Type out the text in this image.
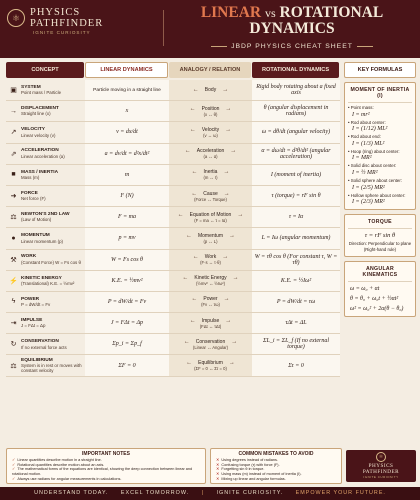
⚛ PHYSICS
PATHFINDER
IGNITE CURIOSITY
LINEAR vs ROTATIONAL
DYNAMICS
JBDP PHYSICS CHEAT SHEET
CONCEPT	LINEAR DYNAMICS	ANALOGY / RELATION	ROTATIONAL DYNAMICS
▣ SYSTEM
Point mass / Particle
Particle moving in a straight line	← Body →	Rigid body rotating about a fixed axis
→ DISPLACEMENT
Straight line (x)	x	← Position →
(x ↔ θ)
θ (angular displacement in radians)
↗ VELOCITY
Linear velocity (v)	v = dx/dt	← Velocity →
(v ↔ ω)	ω = dθ/dt (angular velocity)
⇗ ACCELERATION
Linear acceleration (a)	a = dv/dt = d²x/dt²	← Acceleration →
(a ↔ α)
α = dω/dt = d²θ/dt² (angular acceleration)
■	MASS / INERTIA
Mass (m)	m	← Inertia →
(m ↔ I)	I (moment of inertia)
➜ FORCE
Net force (F)	F (N)	← Cause →
(Force ↔ Torque)	τ (torque) = rF sin θ
⚖ NEWTON'S 2ND LAW
(Law of Motion)	F = ma	← Equation of Motion →
(F = ma ↔ τ = Iα)	τ = Iα
●	MOMENTUM
Linear momentum (p)	p = mv	← Momentum →
(p ↔ L)	L = Iω (angular momentum)
⚒ WORK
(Constant Force) W = Fs cos θ	W = Fs cos θ	← Work →
(F·s ↔ τ·θ)
W = τθ cos θ (For constant τ, W = τθ)
⚡ KINETIC ENERGY
(Translational) K.E. = ½mv²	K.E. = ½mv²	← Kinetic Energy →
(½mv² ↔ ½Iω²)	K.E. = ½Iω²
ϟ	POWER
P = dW/dt = Fv	P = dW/dt = Fv	← Power →
(Fv ↔ τω)	P = dW/dt = τω
⇥ IMPULSE
J = FΔt = Δp	J = FΔt = Δp	← Impulse →
(FΔt ↔ τΔt)	τΔt = ΔL
↻ CONSERVATION
If no external force acts	Σp_i = Σp_f	← Conservation →
(Linear ↔ Angular)
ΣL_i = ΣL_f (If no external torque)
⚖
EQUILIBRIUM
System is in rest or moves with constant velocity
ΣF = 0	← Equilibrium →
(ΣF = 0 ↔ Στ = 0)	Στ = 0
KEY FORMULAS
MOMENT OF INERTIA (I)
• Point mass:
I = mr²
• Rod about center:
I = (1/12) ML²
• Rod about end:
I = (1/3) ML²
• Hoop (ring) about center:
I = MR²
• Solid disc about center:
I = ½ MR²
• Solid sphere about center:
I = (2/5) MR²
• Hollow sphere about center:
I = (2/3) MR²
TORQUE
τ = rF sin θ
Direction: Perpendicular to plane (Right-hand rule)
ANGULAR KINEMATICS
ω = ω₀ + αt
θ = θ₀ + ω₀t + ½αt²
ω² = ω₀² + 2α(θ − θ₀)
IMPORTANT NOTES
✓ Linear quantities describe motion in a straight line.
✓ Rotational quantities describe motion about an axis.
✓ The mathematical forms of the equations are identical, showing the deep connection between linear and rotational motion.
✓ Always use radians for angular measurements in calculations.
COMMON MISTAKES TO AVOID
✕ Using degrees instead of radians.
✕ Confusing torque (τ) with force (F).
✕ Forgetting sin θ in torque.
✕ Using mass (m) instead of moment of inertia (I).
✕ Mixing up linear and angular formulas.
⚛
PHYSICS
PATHFINDER
IGNITE CURIOSITY
UNDERSTAND TODAY. EXCEL TOMORROW. | IGNITE CURIOSITY. EMPOWER YOUR FUTURE.
